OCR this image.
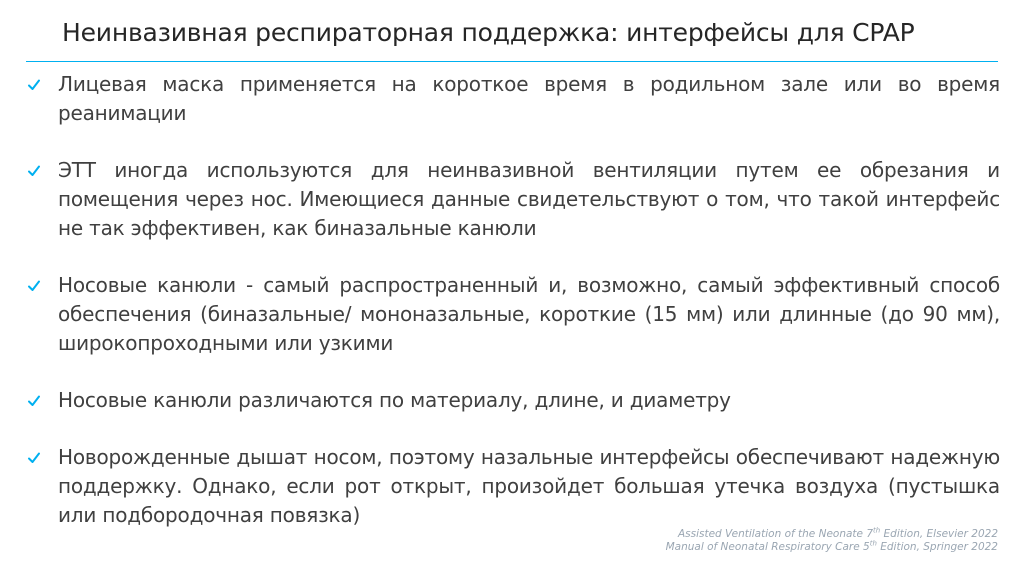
Неинвазивная респираторная поддержка: интерфейсы для CPAP
Лицевая маска применяется на короткое время в родильном зале или во время реанимации
ЭТТ иногда используются для неинвазивной вентиляции путем ее обрезания и помещения через нос. Имеющиеся данные свидетельствуют о том, что такой интерфейс не так эффективен, как биназальные канюли
Носовые канюли - самый распространенный и, возможно, самый эффективный способ обеспечения (биназальные/ мононазальные, короткие (15 мм) или длинные (до 90 мм), широкопроходными или узкими
Носовые канюли различаются по материалу, длине, и диаметру
Новорожденные дышат носом, поэтому назальные интерфейсы обеспечивают надежную поддержку. Однако, если рот открыт, произойдет большая утечка воздуха (пустышка или подбородочная повязка)
Assisted Ventilation of the Neonate 7th Edition, Elsevier 2022
Manual of Neonatal Respiratory Care 5th Edition, Springer 2022
